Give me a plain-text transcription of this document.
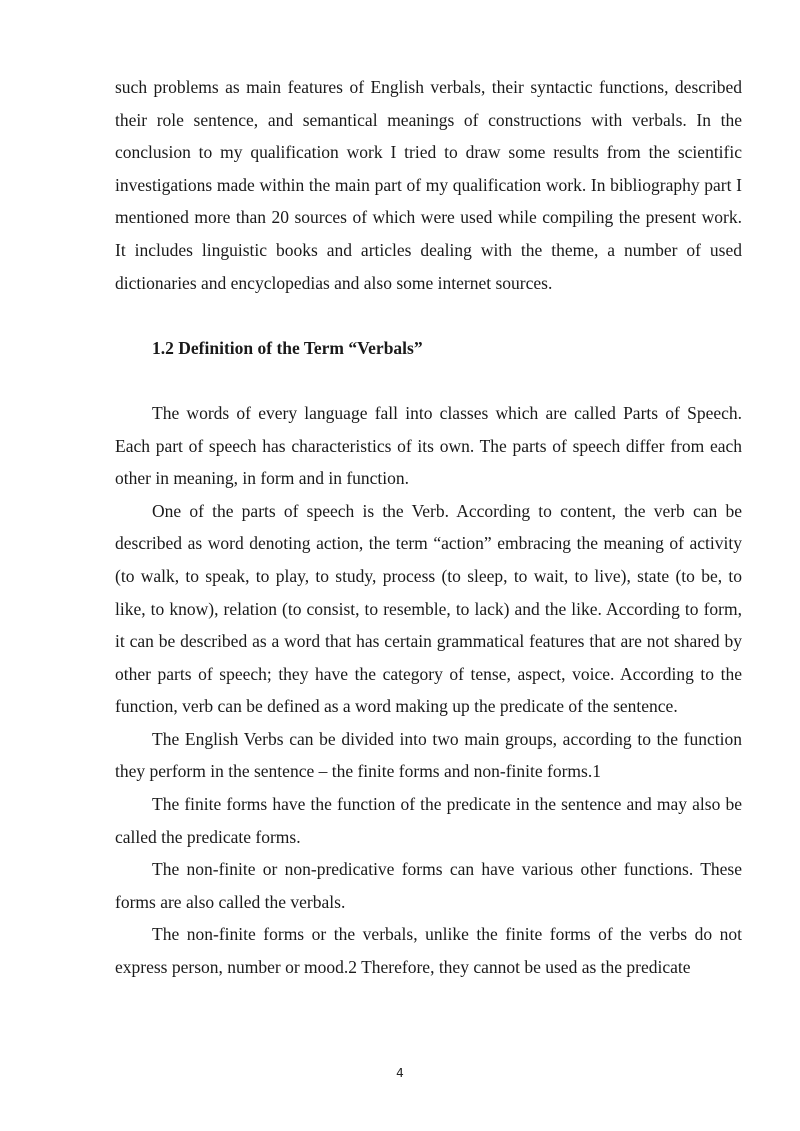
such problems as main features of English verbals, their syntactic functions, described their role sentence, and semantical meanings of constructions with verbals. In the conclusion to my qualification work I tried to draw some results from the scientific investigations made within the main part of my qualification work. In bibliography part I mentioned more than 20 sources of which were used while compiling the present work. It includes linguistic books and articles dealing with the theme, a number of used dictionaries and encyclopedias and also some internet sources.

1.2 Definition of the Term “Verbals”

The words of every language fall into classes which are called Parts of Speech. Each part of speech has characteristics of its own. The parts of speech differ from each other in meaning, in form and in function.

One of the parts of speech is the Verb. According to content, the verb can be described as word denoting action, the term “action” embracing the meaning of activity (to walk, to speak, to play, to study, process (to sleep, to wait, to live), state (to be, to like, to know), relation (to consist, to resemble, to lack) and the like. According to form, it can be described as a word that has certain grammatical features that are not shared by other parts of speech; they have the category of tense, aspect, voice. According to the function, verb can be defined as a word making up the predicate of the sentence.

The English Verbs can be divided into two main groups, according to the function they perform in the sentence – the finite forms and non-finite forms.1

The finite forms have the function of the predicate in the sentence and may also be called the predicate forms.

The non-finite or non-predicative forms can have various other functions. These forms are also called the verbals.

The non-finite forms or the verbals, unlike the finite forms of the verbs do not express person, number or mood.2 Therefore, they cannot be used as the predicate

4
